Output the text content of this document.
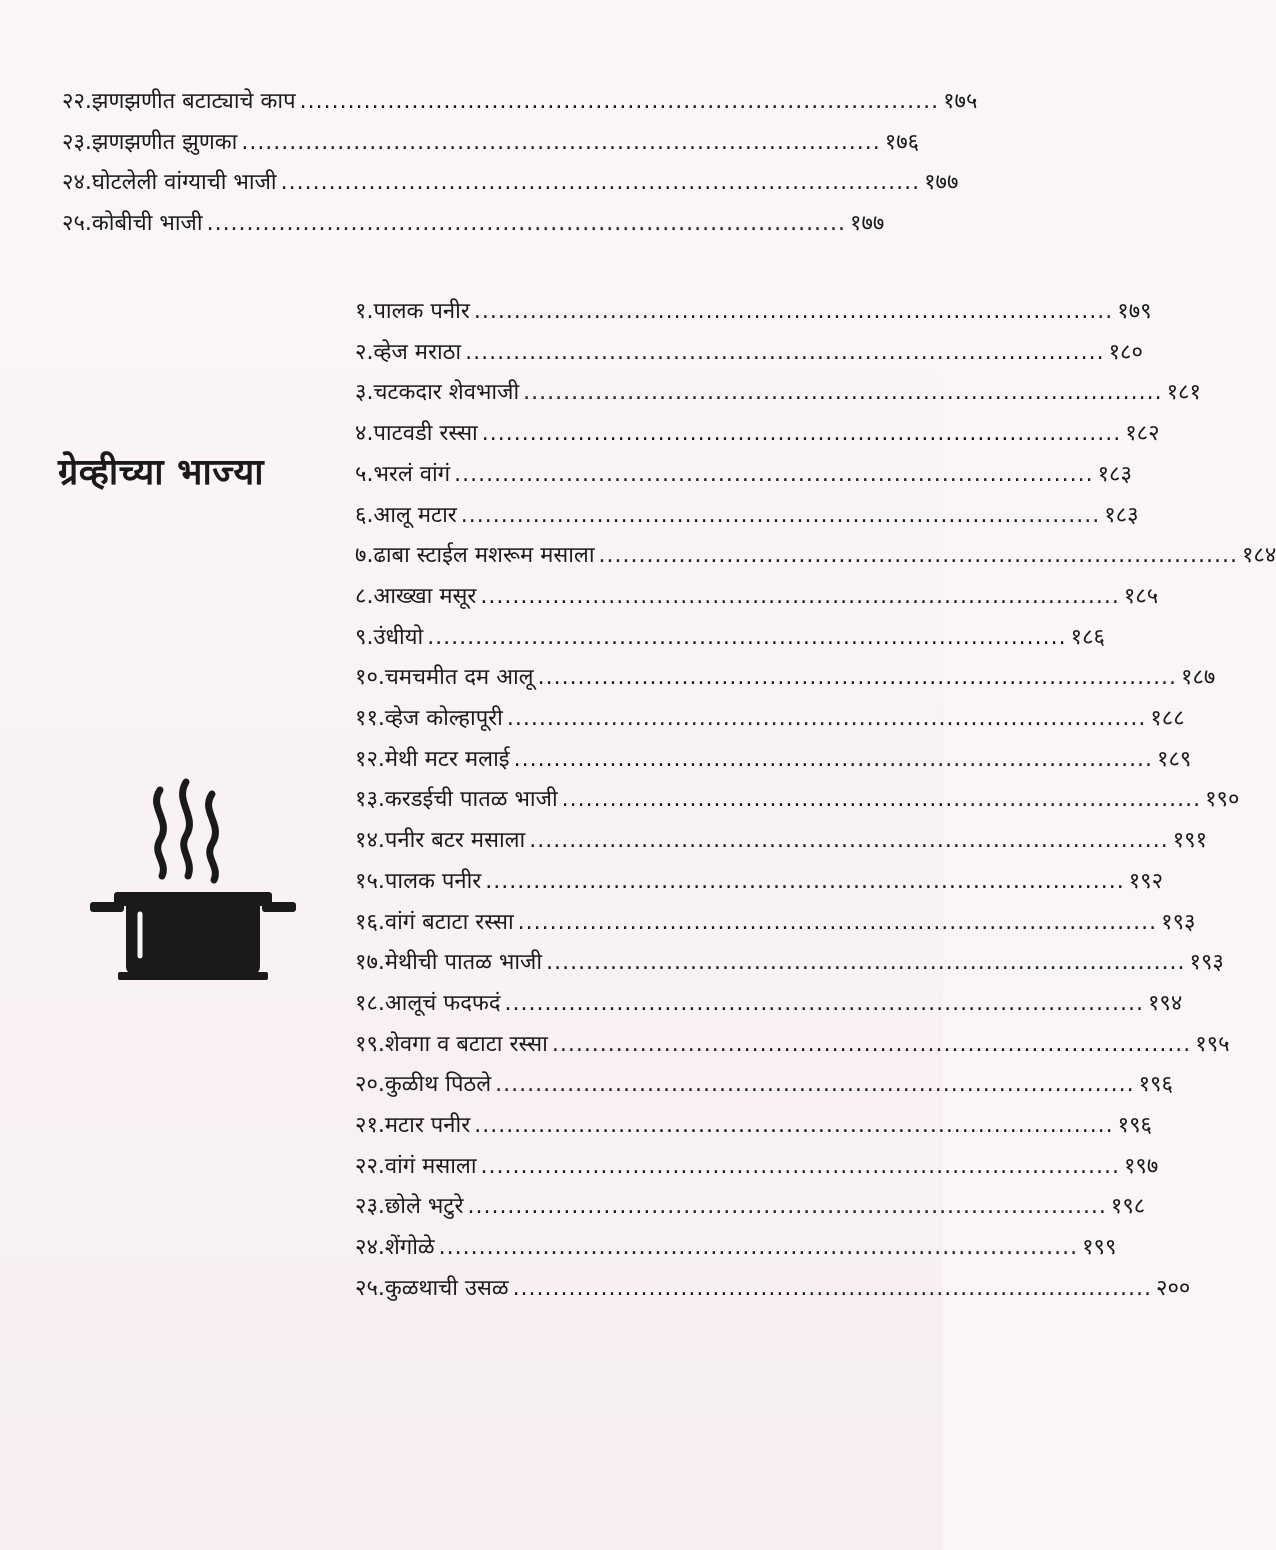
२२. झणझणीत बटाट्याचे काप ................................................................................ १७५
२३. झणझणीत झुणका ................................................................................ १७६
२४. घोटलेली वांग्याची भाजी ................................................................................ १७७
२५. कोबीची भाजी ................................................................................ १७७
ग्रेव्हीच्या भाज्या
१. पालक पनीर ................................................................................ १७९
२. व्हेज मराठा ................................................................................ १८०
३. चटकदार शेवभाजी ................................................................................ १८१
४. पाटवडी रस्सा ................................................................................ १८२
५. भरलं वांगं ................................................................................ १८३
६. आलू मटार ................................................................................ १८३
७. ढाबा स्टाईल मशरूम मसाला ................................................................................ १८४
८. आख्खा मसूर ................................................................................ १८५
९. उंधीयो ................................................................................ १८६
१०. चमचमीत दम आलू ................................................................................ १८७
११. व्हेज कोल्हापूरी ................................................................................ १८८
१२. मेथी मटर मलाई ................................................................................ १८९
१३. करडईची पातळ भाजी ................................................................................ १९०
१४. पनीर बटर मसाला ................................................................................ १९१
१५. पालक पनीर ................................................................................ १९२
१६. वांगं बटाटा रस्सा ................................................................................ १९३
१७. मेथीची पातळ भाजी ................................................................................ १९३
१८. आलूचं फदफदं ................................................................................ १९४
१९. शेवगा व बटाटा रस्सा ................................................................................ १९५
२०. कुळीथ पिठले ................................................................................ १९६
२१. मटार पनीर ................................................................................ १९६
२२. वांगं मसाला ................................................................................ १९७
२३. छोले भटुरे ................................................................................ १९८
२४. शेंगोळे ................................................................................ १९९
२५. कुळथाची उसळ ................................................................................ २००
